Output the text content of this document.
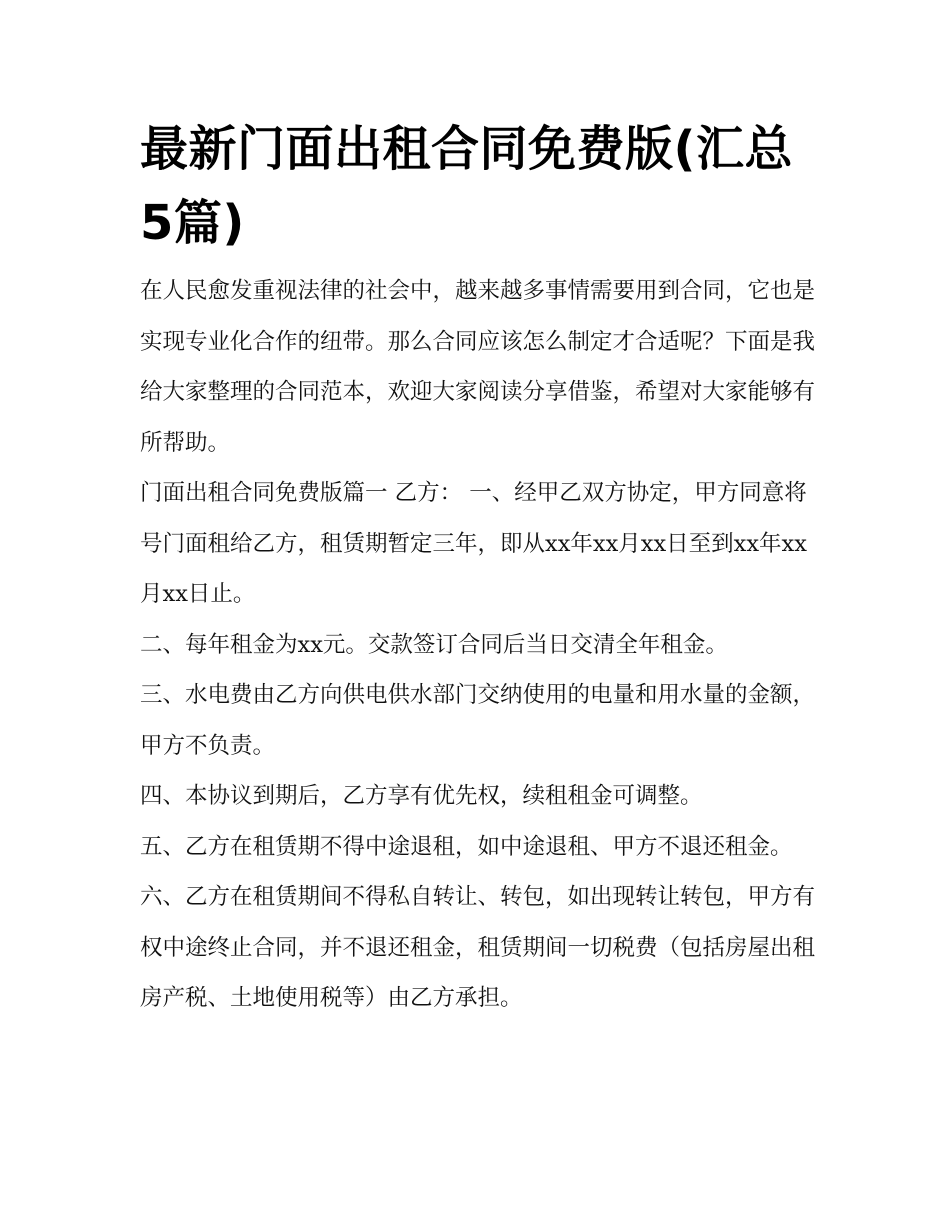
最新门面出租合同免费版(汇总5篇)

在人民愈发重视法律的社会中，越来越多事情需要用到合同，它也是实现专业化合作的纽带。那么合同应该怎么制定才合适呢？下面是我给大家整理的合同范本，欢迎大家阅读分享借鉴，希望对大家能够有所帮助。

门面出租合同免费版篇一 乙方： 一、经甲乙双方协定，甲方同意将 号门面租给乙方，租赁期暂定三年，即从xx年xx月xx日至到xx年xx月xx日止。

二、每年租金为xx元。交款签订合同后当日交清全年租金。

三、水电费由乙方向供电供水部门交纳使用的电量和用水量的金额，甲方不负责。

四、本协议到期后，乙方享有优先权，续租租金可调整。

五、乙方在租赁期不得中途退租，如中途退租、甲方不退还租金。

六、乙方在租赁期间不得私自转让、转包，如出现转让转包，甲方有权中途终止合同，并不退还租金，租赁期间一切税费（包括房屋出租房产税、土地使用税等）由乙方承担。
